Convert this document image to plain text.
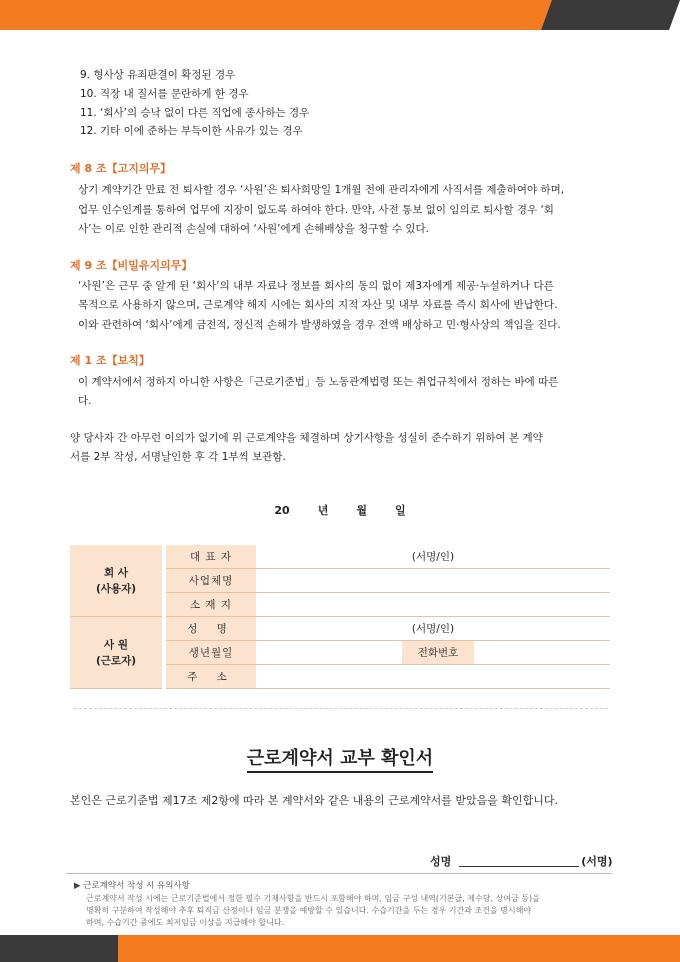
9. 형사상 유죄판결이 확정된 경우
10. 직장 내 질서를 문란하게 한 경우
11. ‘회사’의 승낙 없이 다른 직업에 종사하는 경우
12. 기타 이에 준하는 부득이한 사유가 있는 경우
제 8 조【고지의무】
상기 계약기간 만료 전 퇴사할 경우 ‘사원’은 퇴사희망일 1개월 전에 관리자에게 사직서를 제출하여야 하며,
업무 인수인계를 통하여 업무에 지장이 없도록 하여야 한다. 만약, 사전 통보 없이 임의로 퇴사할 경우 ‘회
사’는 이로 인한 관리적 손실에 대하여 ‘사원’에게 손해배상을 청구할 수 있다.
제 9 조【비밀유지의무】
‘사원’은 근무 중 알게 된 ‘회사’의 내부 자료나 정보를 회사의 동의 없이 제3자에게 제공·누설하거나 다른
목적으로 사용하지 않으며, 근로계약 해지 시에는 회사의 지적 자산 및 내부 자료를 즉시 회사에 반납한다.
이와 관련하여 ‘회사’에게 금전적, 정신적 손해가 발생하였을 경우 전액 배상하고 민·형사상의 책임을 진다.
제 1 조【보칙】
이 계약서에서 정하지 아니한 사항은「근로기준법」등 노동관계법령 또는 취업규칙에서 정하는 바에 따른
다.
양 당사자 간 아무런 이의가 없기에 위 근로계약을 체결하며 상기사항을 성실히 준수하기 위하여 본 계약
서를 2부 작성, 서명날인한 후 각 1부씩 보관함.
20	년	월	일
회 사
(사용자)	대 표 자	(서명/인)		
	사업체명			
	소 재 지			

사 원
(근로자)	성 명	(서명/인)		
	생년월일		전화번호	
	주 소			
근로계약서 교부 확인서
본인은 근로기준법 제17조 제2항에 따라 본 계약서와 같은 내용의 근로계약서를 받았음을 확인합니다.
성명	(서명)
▶ 근로계약서 작성 시 유의사항
근로계약서 작성 시에는 근로기준법에서 정한 필수 기재사항을 반드시 포함해야 하며, 임금 구성 내역(기본급, 제수당, 상여금 등)을
명확히 구분하여 작성해야 추후 퇴직금 산정이나 임금 분쟁을 예방할 수 있습니다. 수습기간을 두는 경우 기간과 조건을 명시해야
하며, 수습기간 중에도 최저임금 이상을 지급해야 합니다.
